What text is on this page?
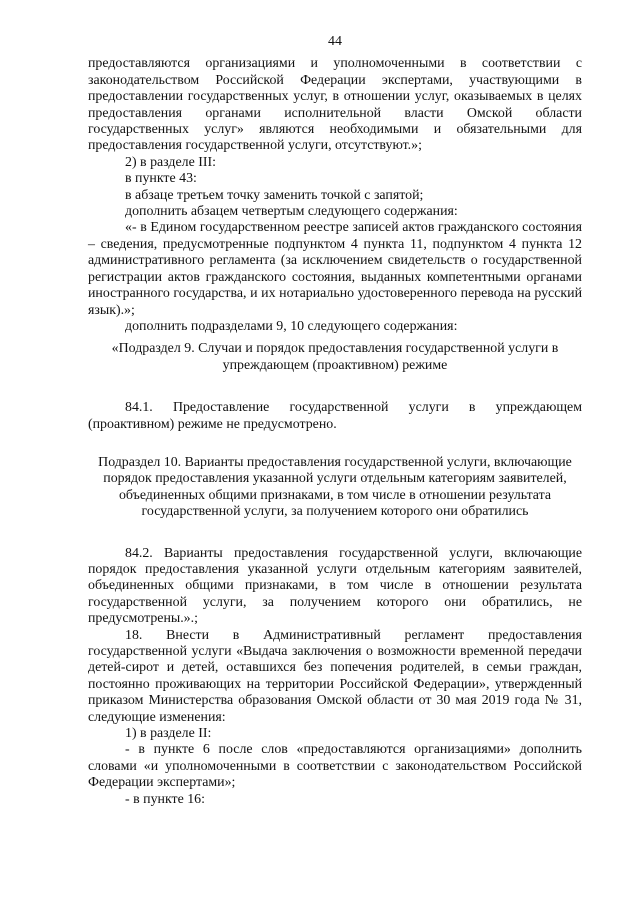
44

предоставляются организациями и уполномоченными в соответствии с законодательством Российской Федерации экспертами, участвующими в предоставлении государственных услуг, в отношении услуг, оказываемых в целях предоставления органами исполнительной власти Омской области государственных услуг» являются необходимыми и обязательными для предоставления государственной услуги, отсутствуют.»;

2) в разделе III:

в пункте 43:

в абзаце третьем точку заменить точкой с запятой;

дополнить абзацем четвертым следующего содержания:

«- в Едином государственном реестре записей актов гражданского состояния – сведения, предусмотренные подпунктом 4 пункта 11, подпунктом 4 пункта 12 административного регламента (за исключением свидетельств о государственной регистрации актов гражданского состояния, выданных компетентными органами иностранного государства, и их нотариально удостоверенного перевода на русский язык).»;

дополнить подразделами 9, 10 следующего содержания:

«Подраздел 9. Случаи и порядок предоставления государственной услуги в упреждающем (проактивном) режиме

84.1. Предоставление государственной услуги в упреждающем (проактивном) режиме не предусмотрено.

Подраздел 10. Варианты предоставления государственной услуги, включающие порядок предоставления указанной услуги отдельным категориям заявителей, объединенных общими признаками, в том числе в отношении результата государственной услуги, за получением которого они обратились

84.2. Варианты предоставления государственной услуги, включающие порядок предоставления указанной услуги отдельным категориям заявителей, объединенных общими признаками, в том числе в отношении результата государственной услуги, за получением которого они обратились, не предусмотрены.».;

18. Внести в Административный регламент предоставления государственной услуги «Выдача заключения о возможности временной передачи детей-сирот и детей, оставшихся без попечения родителей, в семьи граждан, постоянно проживающих на территории Российской Федерации», утвержденный приказом Министерства образования Омской области от 30 мая 2019 года № 31, следующие изменения:

1) в разделе II:

- в пункте 6 после слов «предоставляются организациями» дополнить словами «и уполномоченными в соответствии с законодательством Российской Федерации экспертами»;

- в пункте 16:
